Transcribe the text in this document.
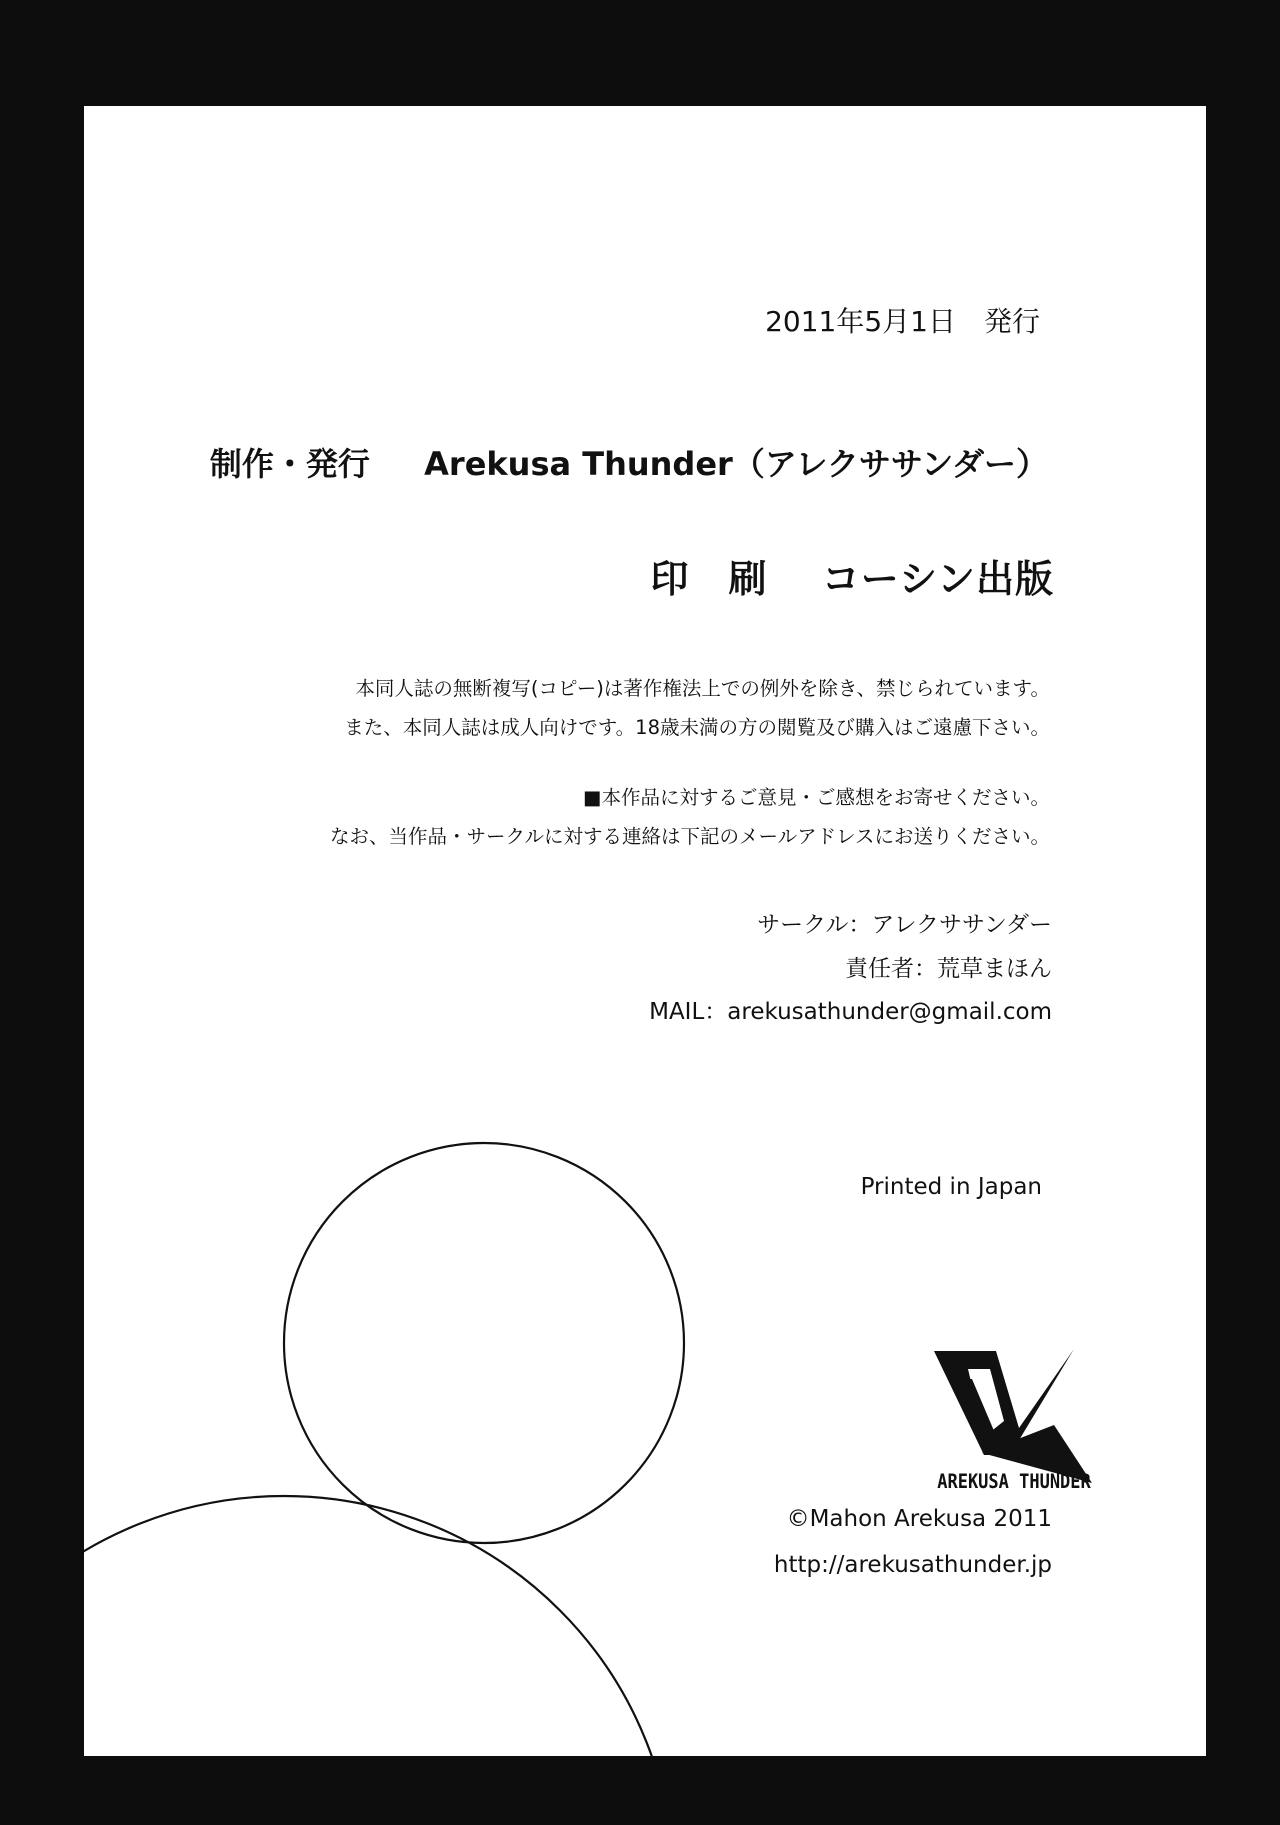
2011年5月1日　発行
制作・発行 　 Arekusa Thunder（アレクササンダー）
印　刷 コーシン出版
本同人誌の無断複写(コピー)は著作権法上での例外を除き、禁じられています。
また、本同人誌は成人向けです。18歳未満の方の閲覧及び購入はご遠慮下さい。
■本作品に対するご意見・ご感想をお寄せください。
なお、当作品・サークルに対する連絡は下記のメールアドレスにお送りください。
サークル：アレクササンダー
責任者：荒草まほん
MAIL：arekusathunder@gmail.com
Printed in Japan
AREKUSA THUNDER
©Mahon Arekusa 2011
http://arekusathunder.jp
